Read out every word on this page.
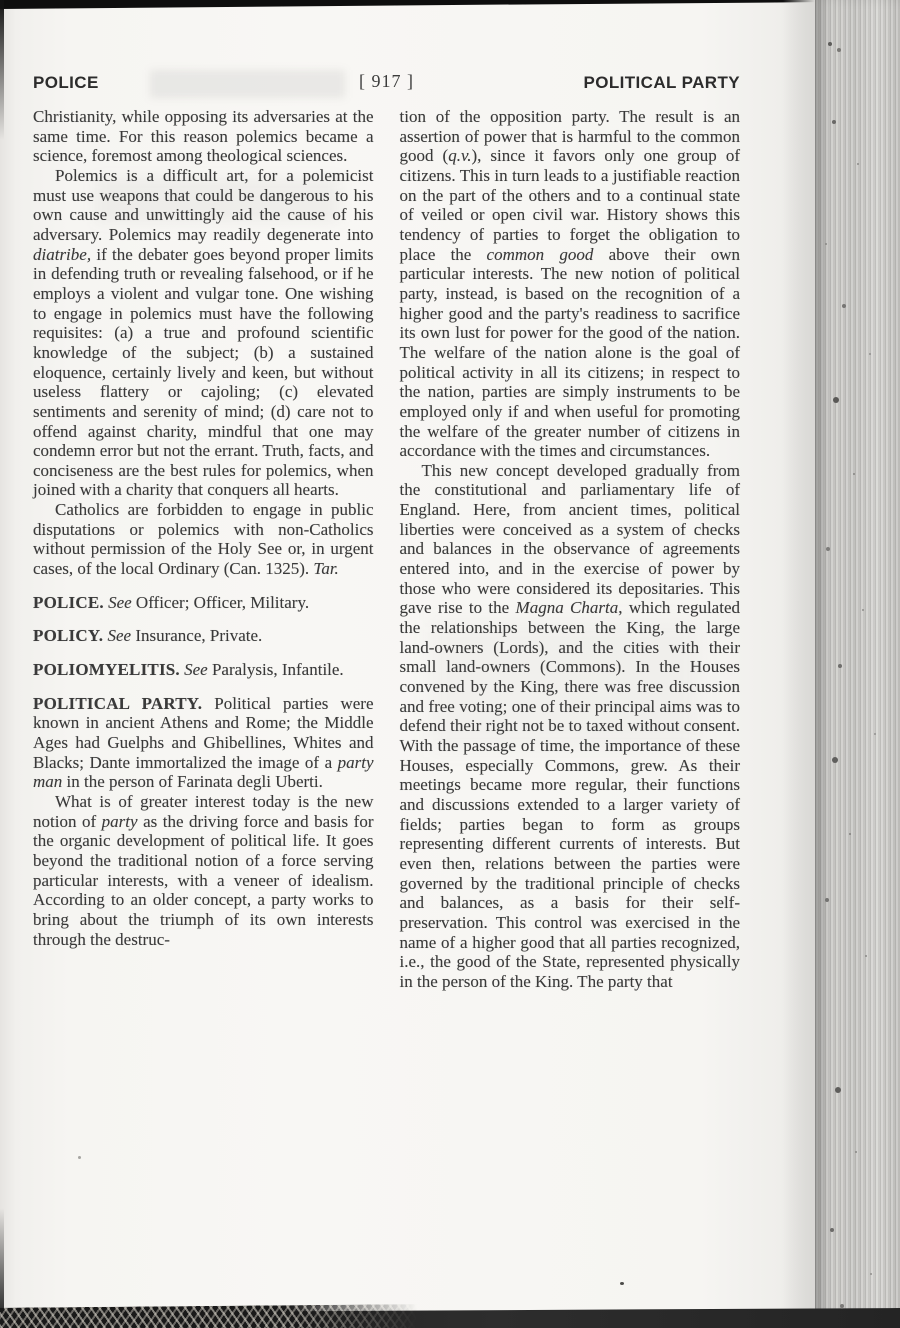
POLICE	[ 917 ]	POLITICAL PARTY

Christianity, while opposing its adversaries at the same time. For this reason polemics became a science, foremost among theological sciences.

Polemics is a difficult art, for a polemicist must use weapons that could be dangerous to his own cause and unwittingly aid the cause of his adversary. Polemics may readily degenerate into diatribe, if the debater goes beyond proper limits in defending truth or revealing falsehood, or if he employs a violent and vulgar tone. One wishing to engage in polemics must have the following requisites: (a) a true and profound scientific knowledge of the subject; (b) a sustained eloquence, certainly lively and keen, but without useless flattery or cajoling; (c) elevated sentiments and serenity of mind; (d) care not to offend against charity, mindful that one may condemn error but not the errant. Truth, facts, and conciseness are the best rules for polemics, when joined with a charity that conquers all hearts.

Catholics are forbidden to engage in public disputations or polemics with non-Catholics without permission of the Holy See or, in urgent cases, of the local Ordinary (Can. 1325). Tar.

POLICE. See Officer; Officer, Military.

POLICY. See Insurance, Private.

POLIOMYELITIS. See Paralysis, Infantile.

POLITICAL PARTY. Political parties were known in ancient Athens and Rome; the Middle Ages had Guelphs and Ghibellines, Whites and Blacks; Dante immortalized the image of a party man in the person of Farinata degli Uberti.

What is of greater interest today is the new notion of party as the driving force and basis for the organic development of political life. It goes beyond the traditional notion of a force serving particular interests, with a veneer of idealism. According to an older concept, a party works to bring about the triumph of its own interests through the destruc-

tion of the opposition party. The result is an assertion of power that is harmful to the common good (q.v.), since it favors only one group of citizens. This in turn leads to a justifiable reaction on the part of the others and to a continual state of veiled or open civil war. History shows this tendency of parties to forget the obligation to place the common good above their own particular interests. The new notion of political party, instead, is based on the recognition of a higher good and the party's readiness to sacrifice its own lust for power for the good of the nation. The welfare of the nation alone is the goal of political activity in all its citizens; in respect to the nation, parties are simply instruments to be employed only if and when useful for promoting the welfare of the greater number of citizens in accordance with the times and circumstances.

This new concept developed gradually from the constitutional and parliamentary life of England. Here, from ancient times, political liberties were conceived as a system of checks and balances in the observance of agreements entered into, and in the exercise of power by those who were considered its depositaries. This gave rise to the Magna Charta, which regulated the relationships between the King, the large land-owners (Lords), and the cities with their small land-owners (Commons). In the Houses convened by the King, there was free discussion and free voting; one of their principal aims was to defend their right not be to taxed without consent. With the passage of time, the importance of these Houses, especially Commons, grew. As their meetings became more regular, their functions and discussions extended to a larger variety of fields; parties began to form as groups representing different currents of interests. But even then, relations between the parties were governed by the traditional principle of checks and balances, as a basis for their self-preservation. This control was exercised in the name of a higher good that all parties recognized, i.e., the good of the State, represented physically in the person of the King. The party that
